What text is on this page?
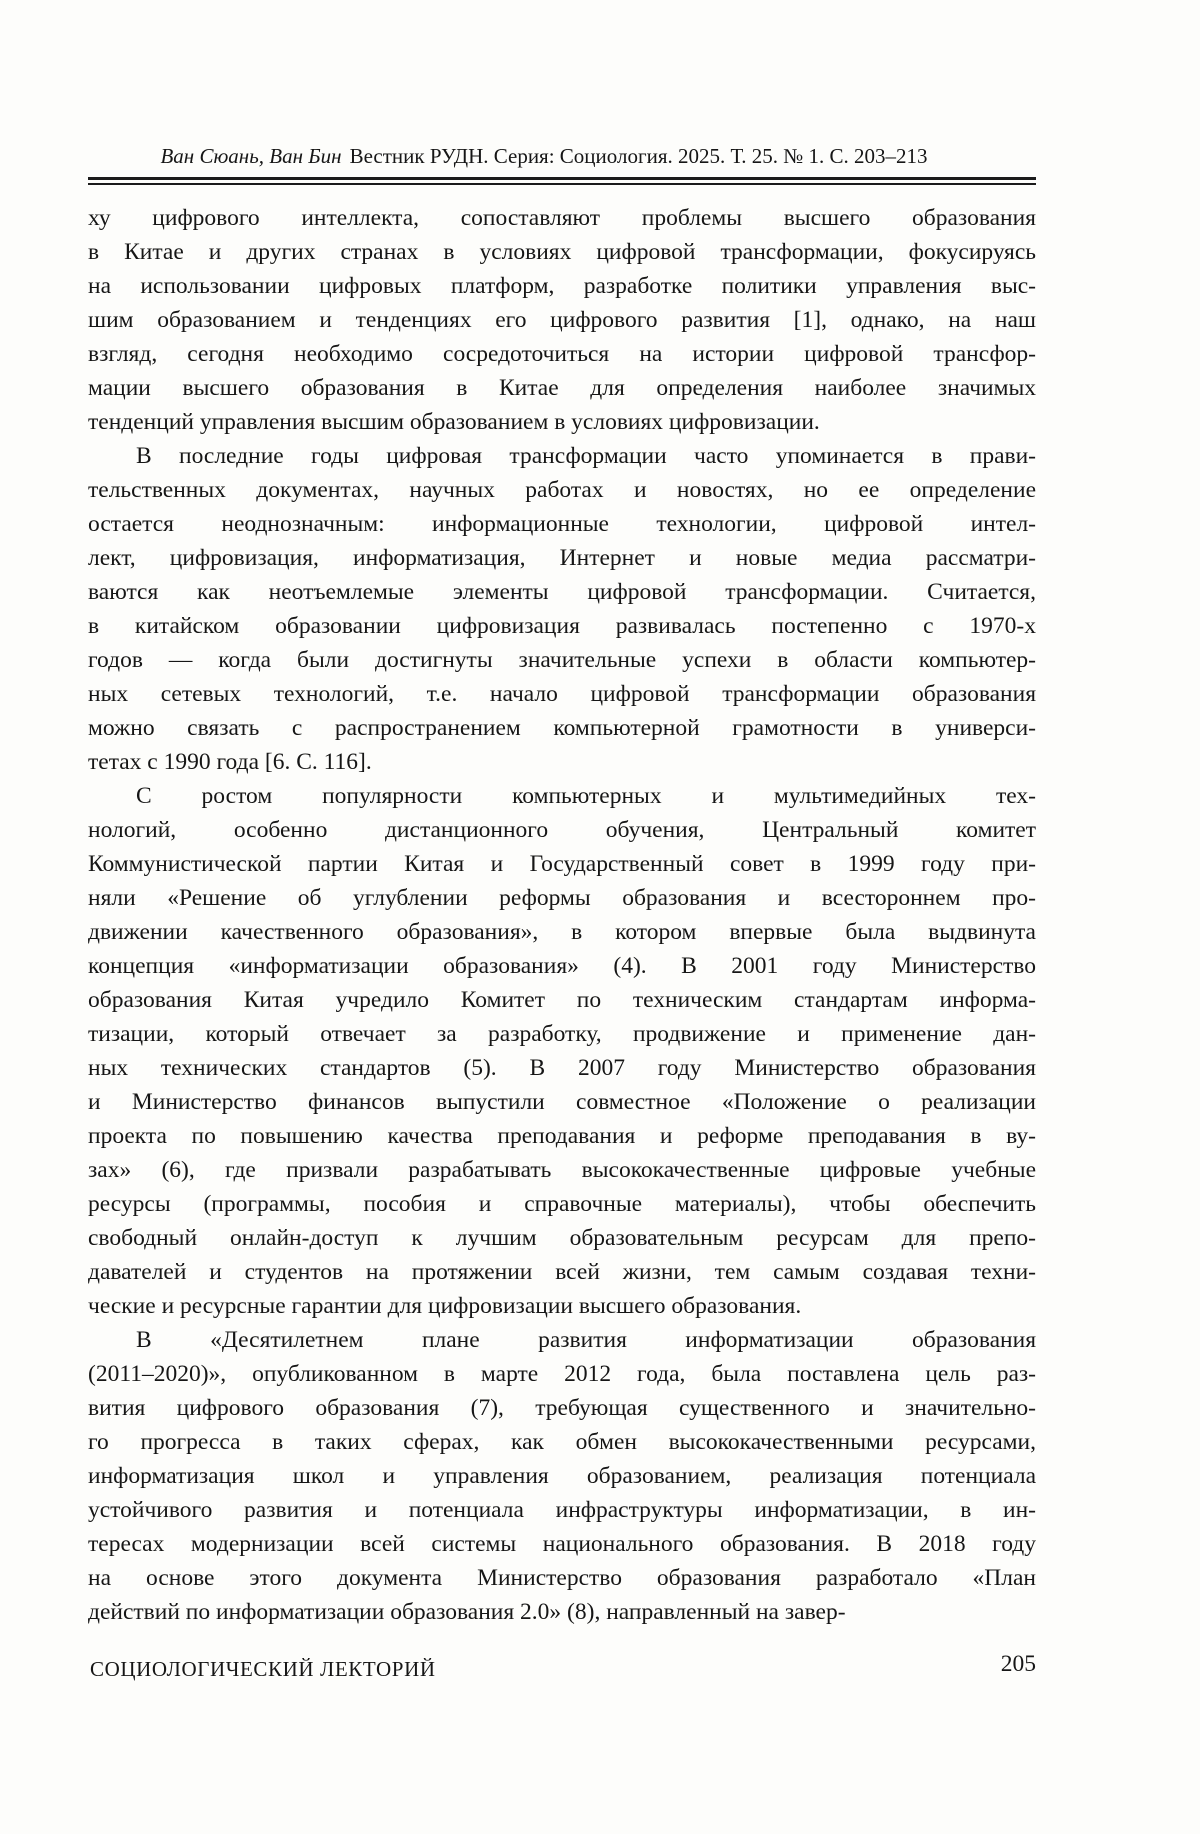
Ван Сюань, Ван Бин Вестник РУДН. Серия: Социология. 2025. Т. 25. № 1. С. 203–213
ху цифрового интеллекта, сопоставляют проблемы высшего образования
в Китае и других странах в условиях цифровой трансформации, фокусируясь
на использовании цифровых платформ, разработке политики управления выс-
шим образованием и тенденциях его цифрового развития [1], однако, на наш
взгляд, сегодня необходимо сосредоточиться на истории цифровой трансфор-
мации высшего образования в Китае для определения наиболее значимых
тенденций управления высшим образованием в условиях цифровизации.
В последние годы цифровая трансформации часто упоминается в прави-
тельственных документах, научных работах и новостях, но ее определение
остается неоднозначным: информационные технологии, цифровой интел-
лект, цифровизация, информатизация, Интернет и новые медиа рассматри-
ваются как неотъемлемые элементы цифровой трансформации. Считается,
в китайском образовании цифровизация развивалась постепенно с 1970-х
годов — когда были достигнуты значительные успехи в области компьютер-
ных сетевых технологий, т.е. начало цифровой трансформации образования
можно связать с распространением компьютерной грамотности в универси-
тетах с 1990 года [6. С. 116].
С ростом популярности компьютерных и мультимедийных тех-
нологий, особенно дистанционного обучения, Центральный комитет
Коммунистической партии Китая и Государственный совет в 1999 году при-
няли «Решение об углублении реформы образования и всестороннем про-
движении качественного образования», в котором впервые была выдвинута
концепция «информатизации образования» (4). В 2001 году Министерство
образования Китая учредило Комитет по техническим стандартам информа-
тизации, который отвечает за разработку, продвижение и применение дан-
ных технических стандартов (5). В 2007 году Министерство образования
и Министерство финансов выпустили совместное «Положение о реализации
проекта по повышению качества преподавания и реформе преподавания в ву-
зах» (6), где призвали разрабатывать высококачественные цифровые учебные
ресурсы (программы, пособия и справочные материалы), чтобы обеспечить
свободный онлайн-доступ к лучшим образовательным ресурсам для препо-
давателей и студентов на протяжении всей жизни, тем самым создавая техни-
ческие и ресурсные гарантии для цифровизации высшего образования.
В «Десятилетнем плане развития информатизации образования
(2011–2020)», опубликованном в марте 2012 года, была поставлена цель раз-
вития цифрового образования (7), требующая существенного и значительно-
го прогресса в таких сферах, как обмен высококачественными ресурсами,
информатизация школ и управления образованием, реализация потенциала
устойчивого развития и потенциала инфраструктуры информатизации, в ин-
тересах модернизации всей системы национального образования. В 2018 году
на основе этого документа Министерство образования разработало «План
действий по информатизации образования 2.0» (8), направленный на завер-
СОЦИОЛОГИЧЕСКИЙ ЛЕКТОРИЙ	205
